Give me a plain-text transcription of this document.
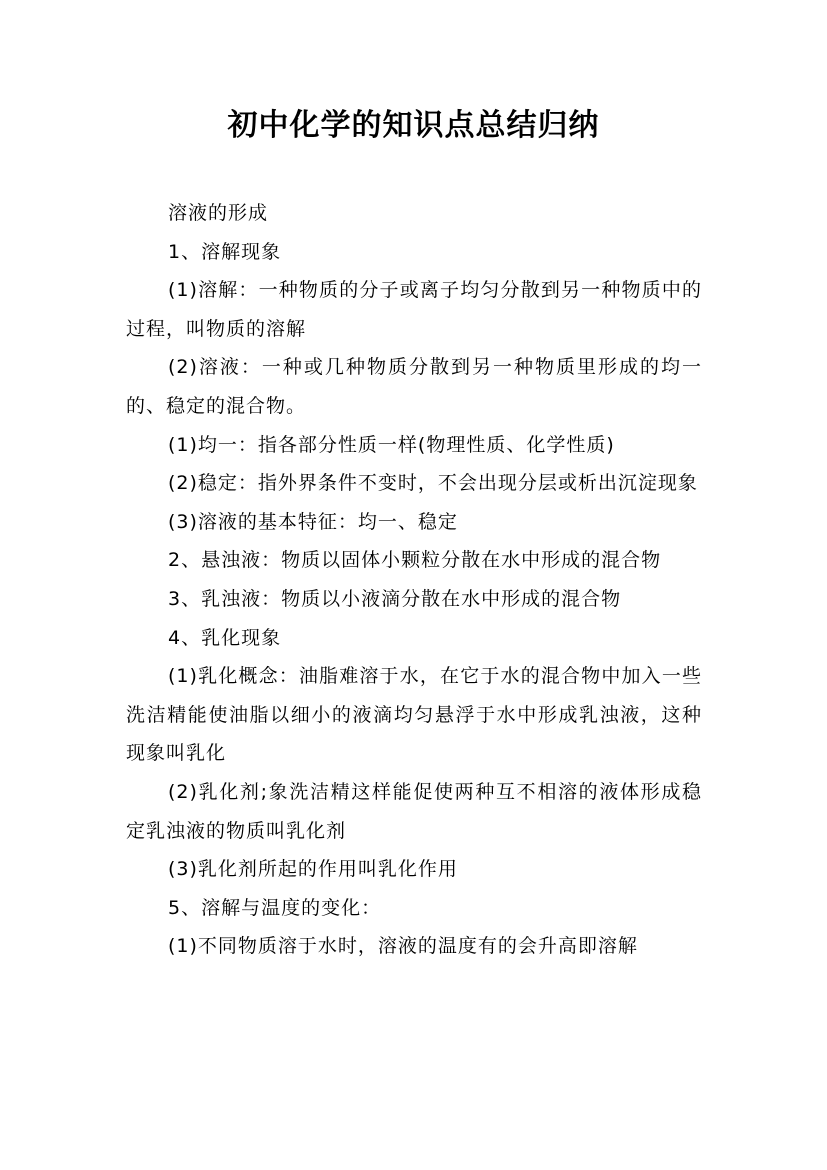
初中化学的知识点总结归纳

溶液的形成

1、溶解现象

(1)溶解：一种物质的分子或离子均匀分散到另一种物质中的过程，叫物质的溶解

(2)溶液：一种或几种物质分散到另一种物质里形成的均一的、稳定的混合物。

(1)均一：指各部分性质一样(物理性质、化学性质)

(2)稳定：指外界条件不变时，不会出现分层或析出沉淀现象

(3)溶液的基本特征：均一、稳定

2、悬浊液：物质以固体小颗粒分散在水中形成的混合物

3、乳浊液：物质以小液滴分散在水中形成的混合物

4、乳化现象

(1)乳化概念：油脂难溶于水，在它于水的混合物中加入一些洗洁精能使油脂以细小的液滴均匀悬浮于水中形成乳浊液，这种现象叫乳化

(2)乳化剂;象洗洁精这样能促使两种互不相溶的液体形成稳定乳浊液的物质叫乳化剂

(3)乳化剂所起的作用叫乳化作用

5、溶解与温度的变化：

(1)不同物质溶于水时，溶液的温度有的会升高即溶解
